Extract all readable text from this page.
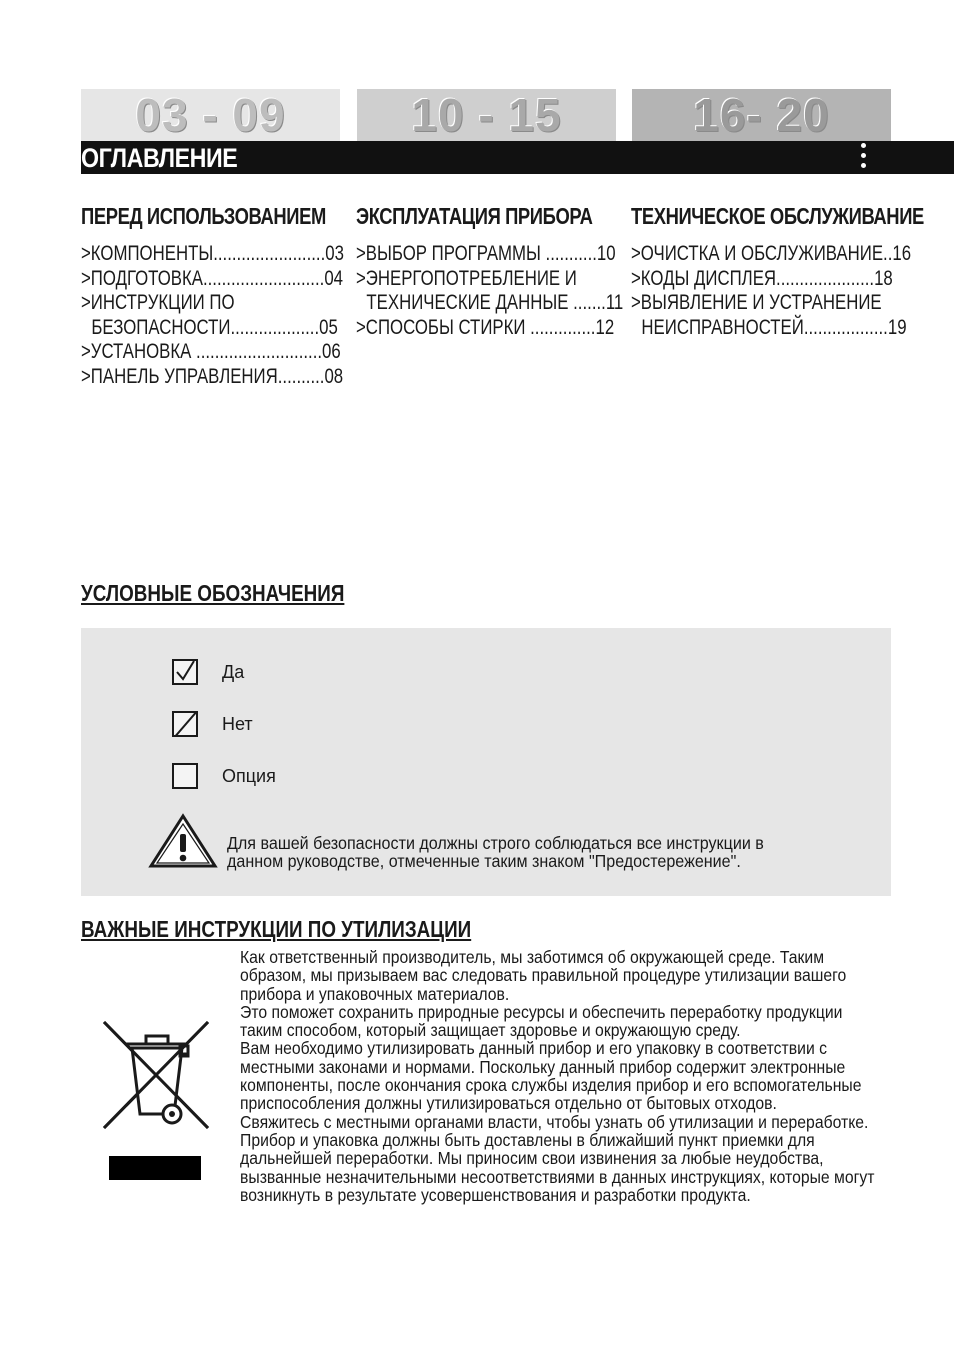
03 - 09	10 - 15	16- 20
ОГЛАВЛЕНИЕ
ПЕРЕД ИСПОЛЬЗОВАНИЕМ
>КОМПОНЕНТЫ........................03
>ПОДГОТОВКА..........................04
>ИНСТРУКЦИИ ПО
БЕЗОПАСНОСТИ...................05
>УСТАНОВКА ...........................06
>ПАНЕЛЬ УПРАВЛЕНИЯ..........08
ЭКСПЛУАТАЦИЯ ПРИБОРА
>ВЫБОР ПРОГРАММЫ ...........10
>ЭНЕРГОПОТРЕБЛЕНИЕ И
ТЕХНИЧЕСКИЕ ДАННЫЕ .......11
>СПОСОБЫ СТИРКИ ..............12
ТЕХНИЧЕСКОЕ ОБСЛУЖИВАНИЕ
>ОЧИСТКА И ОБСЛУЖИВАНИЕ..16
>КОДЫ ДИСПЛЕЯ.....................18
>ВЫЯВЛЕНИЕ И УСТРАНЕНИЕ
НЕИСПРАВНОСТЕЙ..................19
УСЛОВНЫЕ ОБОЗНАЧЕНИЯ
Да
Нет
Опция
Для вашей безопасности должны строго соблюдаться все инструкции в данном руководстве, отмеченные таким знаком "Предостережение".
ВАЖНЫЕ ИНСТРУКЦИИ ПО УТИЛИЗАЦИИ

Как ответственный производитель, мы заботимся об окружающей среде. Таким образом, мы призываем вас следовать правильной процедуре утилизации вашего прибора и упаковочных материалов.

Это поможет сохранить природные ресурсы и обеспечить переработку продукции таким способом, который защищает здоровье и окружающую среду.

Вам необходимо утилизировать данный прибор и его упаковку в соответствии с местными законами и нормами. Поскольку данный прибор содержит электронные компоненты, после окончания срока службы изделия прибор и его вспомогательные приспособления должны утилизироваться отдельно от бытовых отходов.

Свяжитесь с местными органами власти, чтобы узнать об утилизации и переработке. Прибор и упаковка должны быть доставлены в ближайший пункт приемки для дальнейшей переработки. Мы приносим свои извинения за любые неудобства, вызванные незначительными несоответствиями в данных инструкциях, которые могут возникнуть в результате усовершенствования и разработки продукта.
